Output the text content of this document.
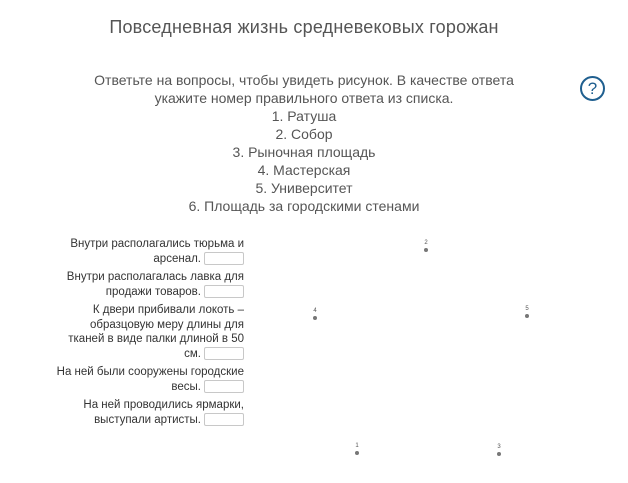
Повседневная жизнь средневековых горожан
Ответьте на вопросы, чтобы увидеть рисунок. В качестве ответа
укажите номер правильного ответа из списка.
1. Ратуша
2. Собор
3. Рыночная площадь
4. Мастерская
5. Университет
6. Площадь за городскими стенами
?
Внутри располагались тюрьма и
арсенал.
Внутри располагалась лавка для
продажи товаров.
К двери прибивали локоть –
образцовую меру длины для
тканей в виде палки длиной в 50
см.
На ней были сооружены городские
весы.
На ней проводились ярмарки,
выступали артисты.
1
2
3
4	5
